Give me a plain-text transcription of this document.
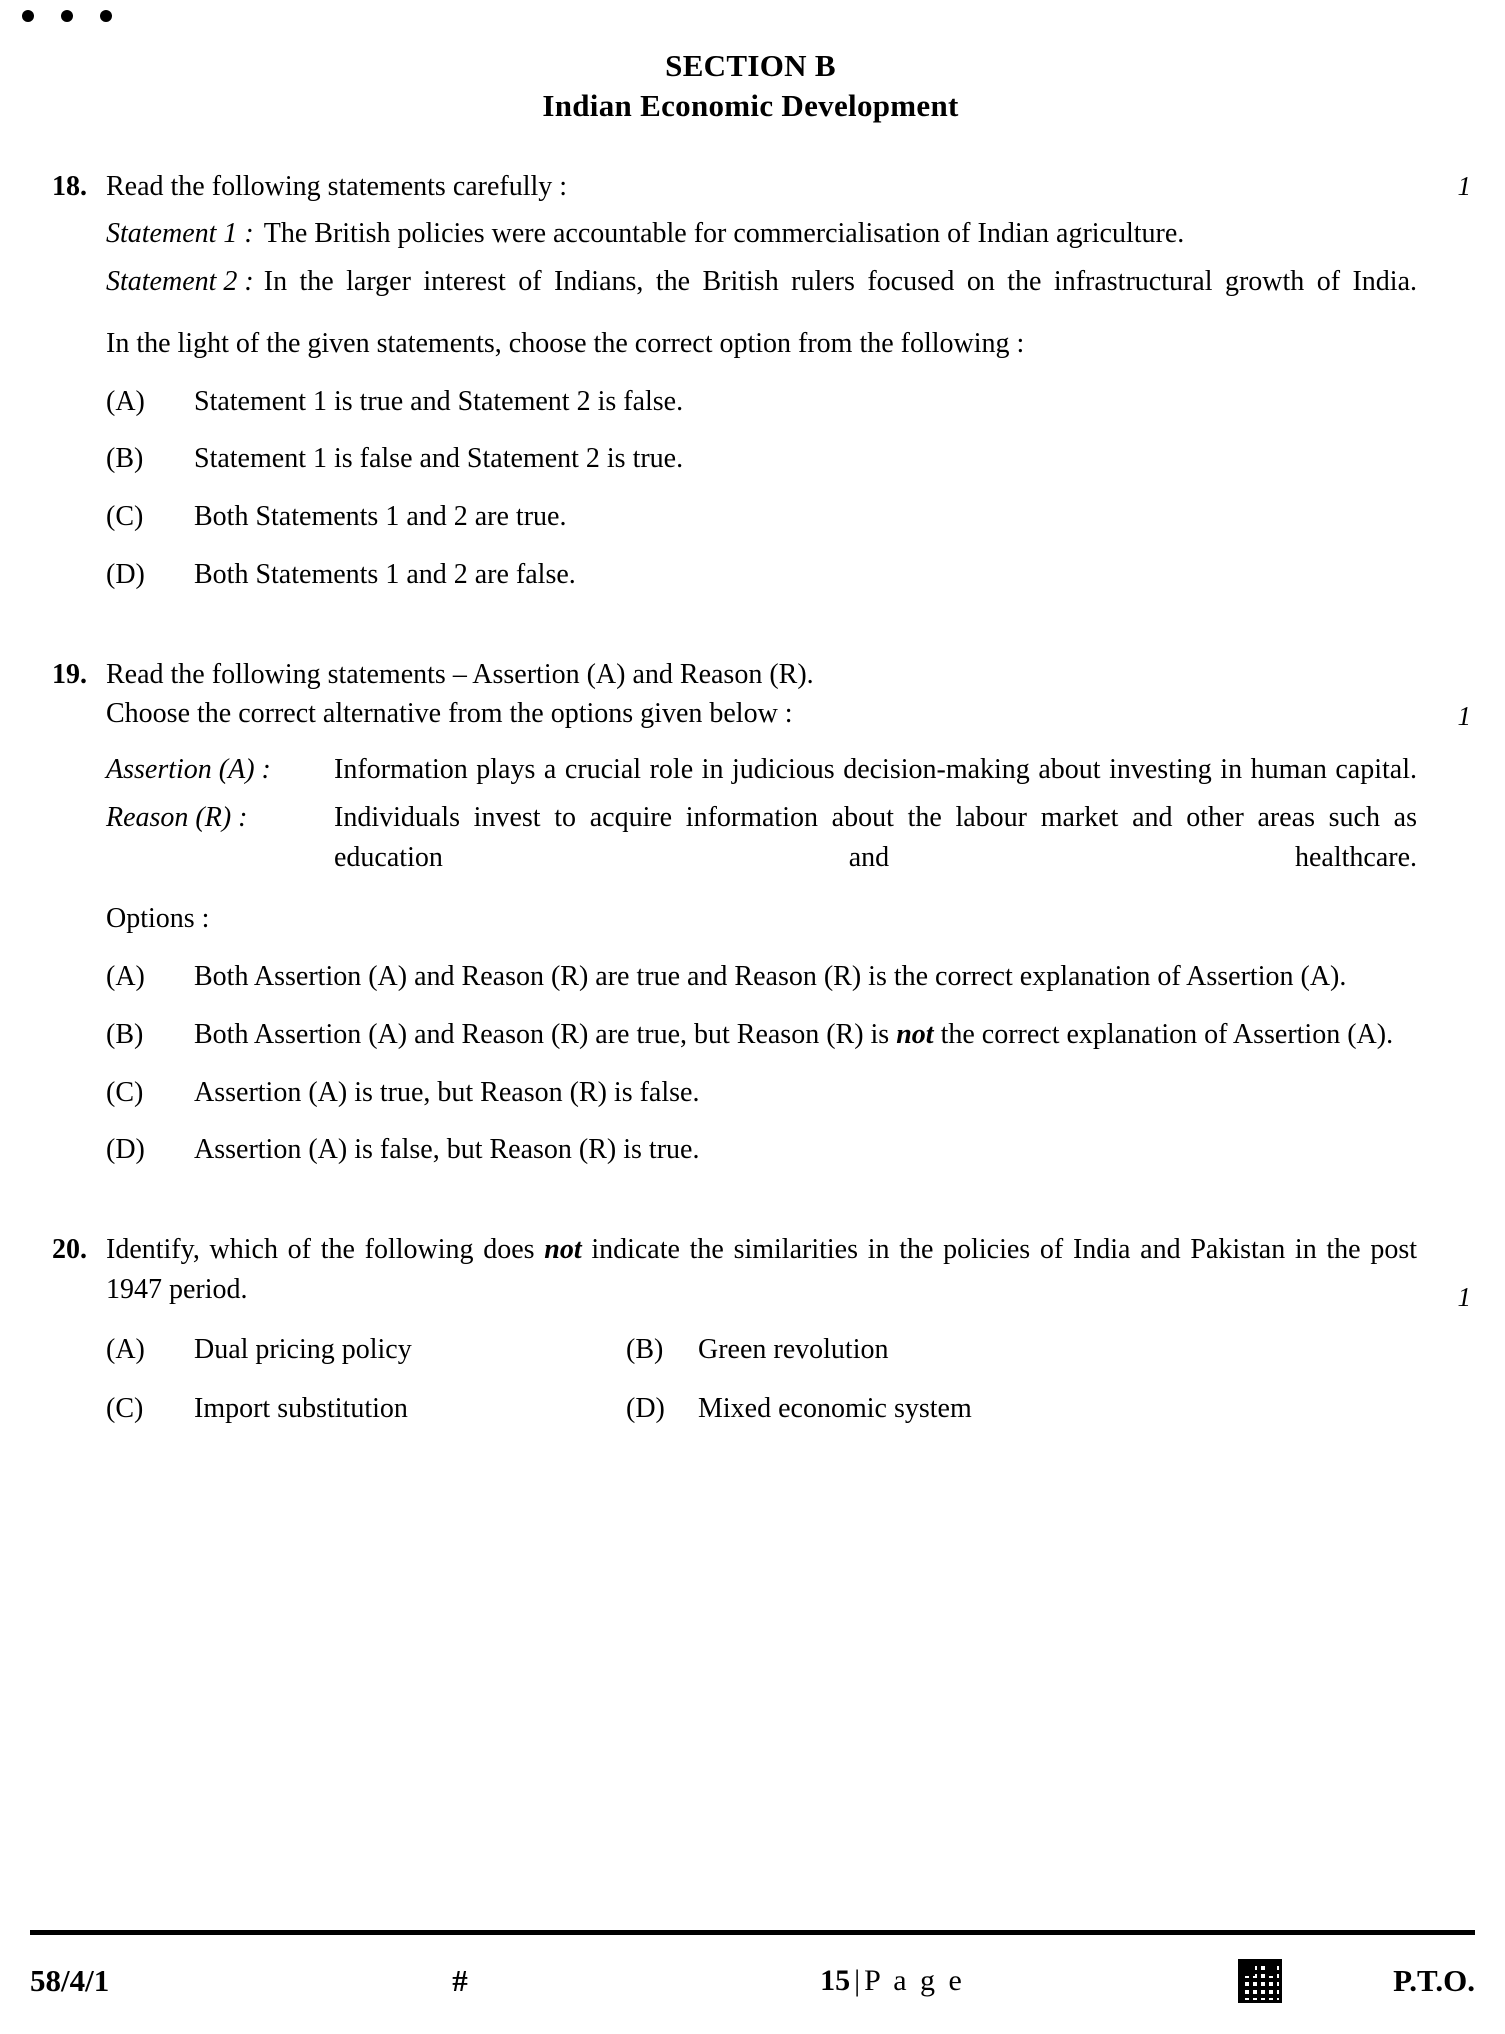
SECTION B
Indian Economic Development
1
18. Read the following statements carefully :
Statement 1 : The British policies were accountable for commercialisation of Indian agriculture.
Statement 2 : In the larger interest of Indians, the British rulers focused on the infrastructural growth of India.
In the light of the given statements, choose the correct option from the following :
(A)	Statement 1 is true and Statement 2 is false.
(B)	Statement 1 is false and Statement 2 is true.
(C)	Both Statements 1 and 2 are true.
(D)	Both Statements 1 and 2 are false.
1
19. Read the following statements – Assertion (A) and Reason (R).
Choose the correct alternative from the options given below :
Assertion (A) :	Information plays a crucial role in judicious decision-making about investing in human capital.
Reason (R) :	Individuals invest to acquire information about the labour market and other areas such as education and healthcare.
Options :
(A)	Both Assertion (A) and Reason (R) are true and Reason (R) is the correct explanation of Assertion (A).
(B)	Both Assertion (A) and Reason (R) are true, but Reason (R) is not the correct explanation of Assertion (A).
(C)	Assertion (A) is true, but Reason (R) is false.
(D)	Assertion (A) is false, but Reason (R) is true.
1
20. Identify, which of the following does not indicate the similarities in the policies of India and Pakistan in the post 1947 period.
(A)	Dual pricing policy	(B)	Green revolution
(C)	Import substitution	(D)	Mixed economic system
58/4/1	#	15 | P a g e	P.T.O.
